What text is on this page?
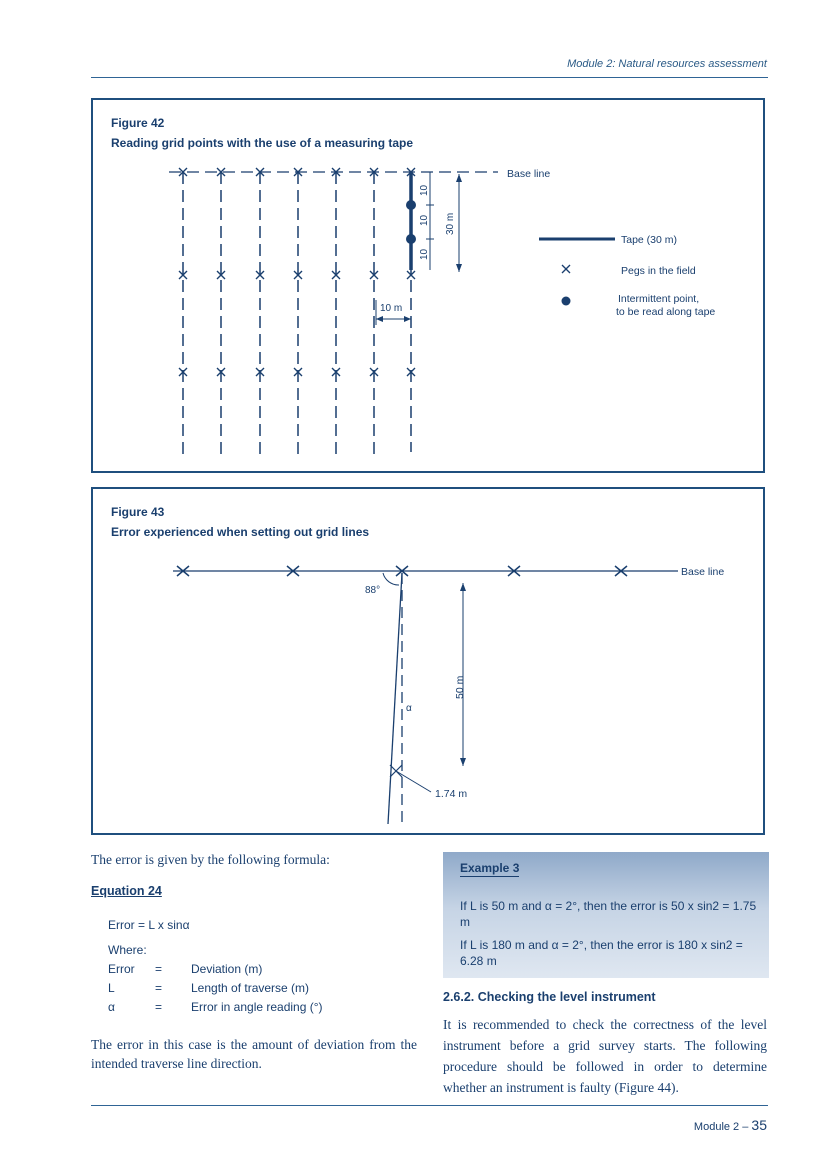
Module 2: Natural resources assessment
Figure 42
Reading grid points with the use of a measuring tape
Base line
10
10
10
30 m
10 m
Tape (30 m)
Pegs in the field
Intermittent point,
to be read along tape
Figure 43
Error experienced when setting out grid lines
Base line
88°
α
50 m
1.74 m
The error is given by the following formula:
Equation 24
Error = L x sinα
Where:
Error = Deviation (m)
L	= Length of traverse (m)
α	= Error in angle reading (°)
The error in this case is the amount of deviation from the intended traverse line direction.
Example 3
If L is 50 m and α = 2°, then the error is 50 x sin2 = 1.75 m
If L is 180 m and α = 2°, then the error is 180 x sin2 = 6.28 m
2.6.2. Checking the level instrument
It is recommended to check the correctness of the level instrument before a grid survey starts. The following procedure should be followed in order to determine whether an instrument is faulty (Figure 44).
Module 2 – 35
